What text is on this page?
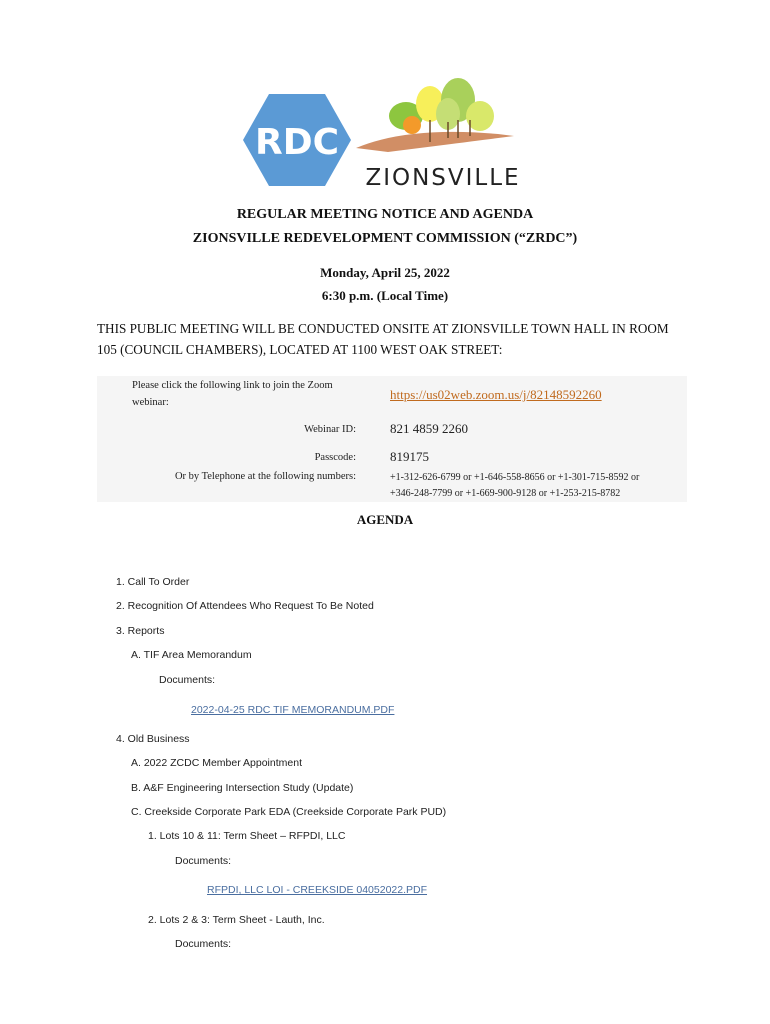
RDC
ZIONSVILLE
REGULAR MEETING NOTICE AND AGENDA
ZIONSVILLE REDEVELOPMENT COMMISSION (“ZRDC”)
Monday, April 25, 2022
6:30 p.m. (Local Time)
THIS PUBLIC MEETING WILL BE CONDUCTED ONSITE AT ZIONSVILLE TOWN HALL IN ROOM 105 (COUNCIL CHAMBERS), LOCATED AT 1100 WEST OAK STREET:
Please click the following link to join the Zoom
webinar:
https://us02web.zoom.us/j/82148592260
Webinar ID:	821 4859 2260
Passcode:	819175
Or by Telephone at the following numbers:	+1-312-626-6799 or +1-646-558-8656 or +1-301-715-8592 or
+346-248-7799 or +1-669-900-9128 or +1-253-215-8782
AGENDA
1. Call To Order
2. Recognition Of Attendees Who Request To Be Noted
3. Reports
A. TIF Area Memorandum
Documents:
2022-04-25 RDC TIF MEMORANDUM.PDF
4. Old Business
A. 2022 ZCDC Member Appointment
B. A&F Engineering Intersection Study (Update)
C. Creekside Corporate Park EDA (Creekside Corporate Park PUD)
1. Lots 10 & 11: Term Sheet – RFPDI, LLC
Documents:
RFPDI, LLC LOI - CREEKSIDE 04052022.PDF
2. Lots 2 & 3: Term Sheet - Lauth, Inc.
Documents:
